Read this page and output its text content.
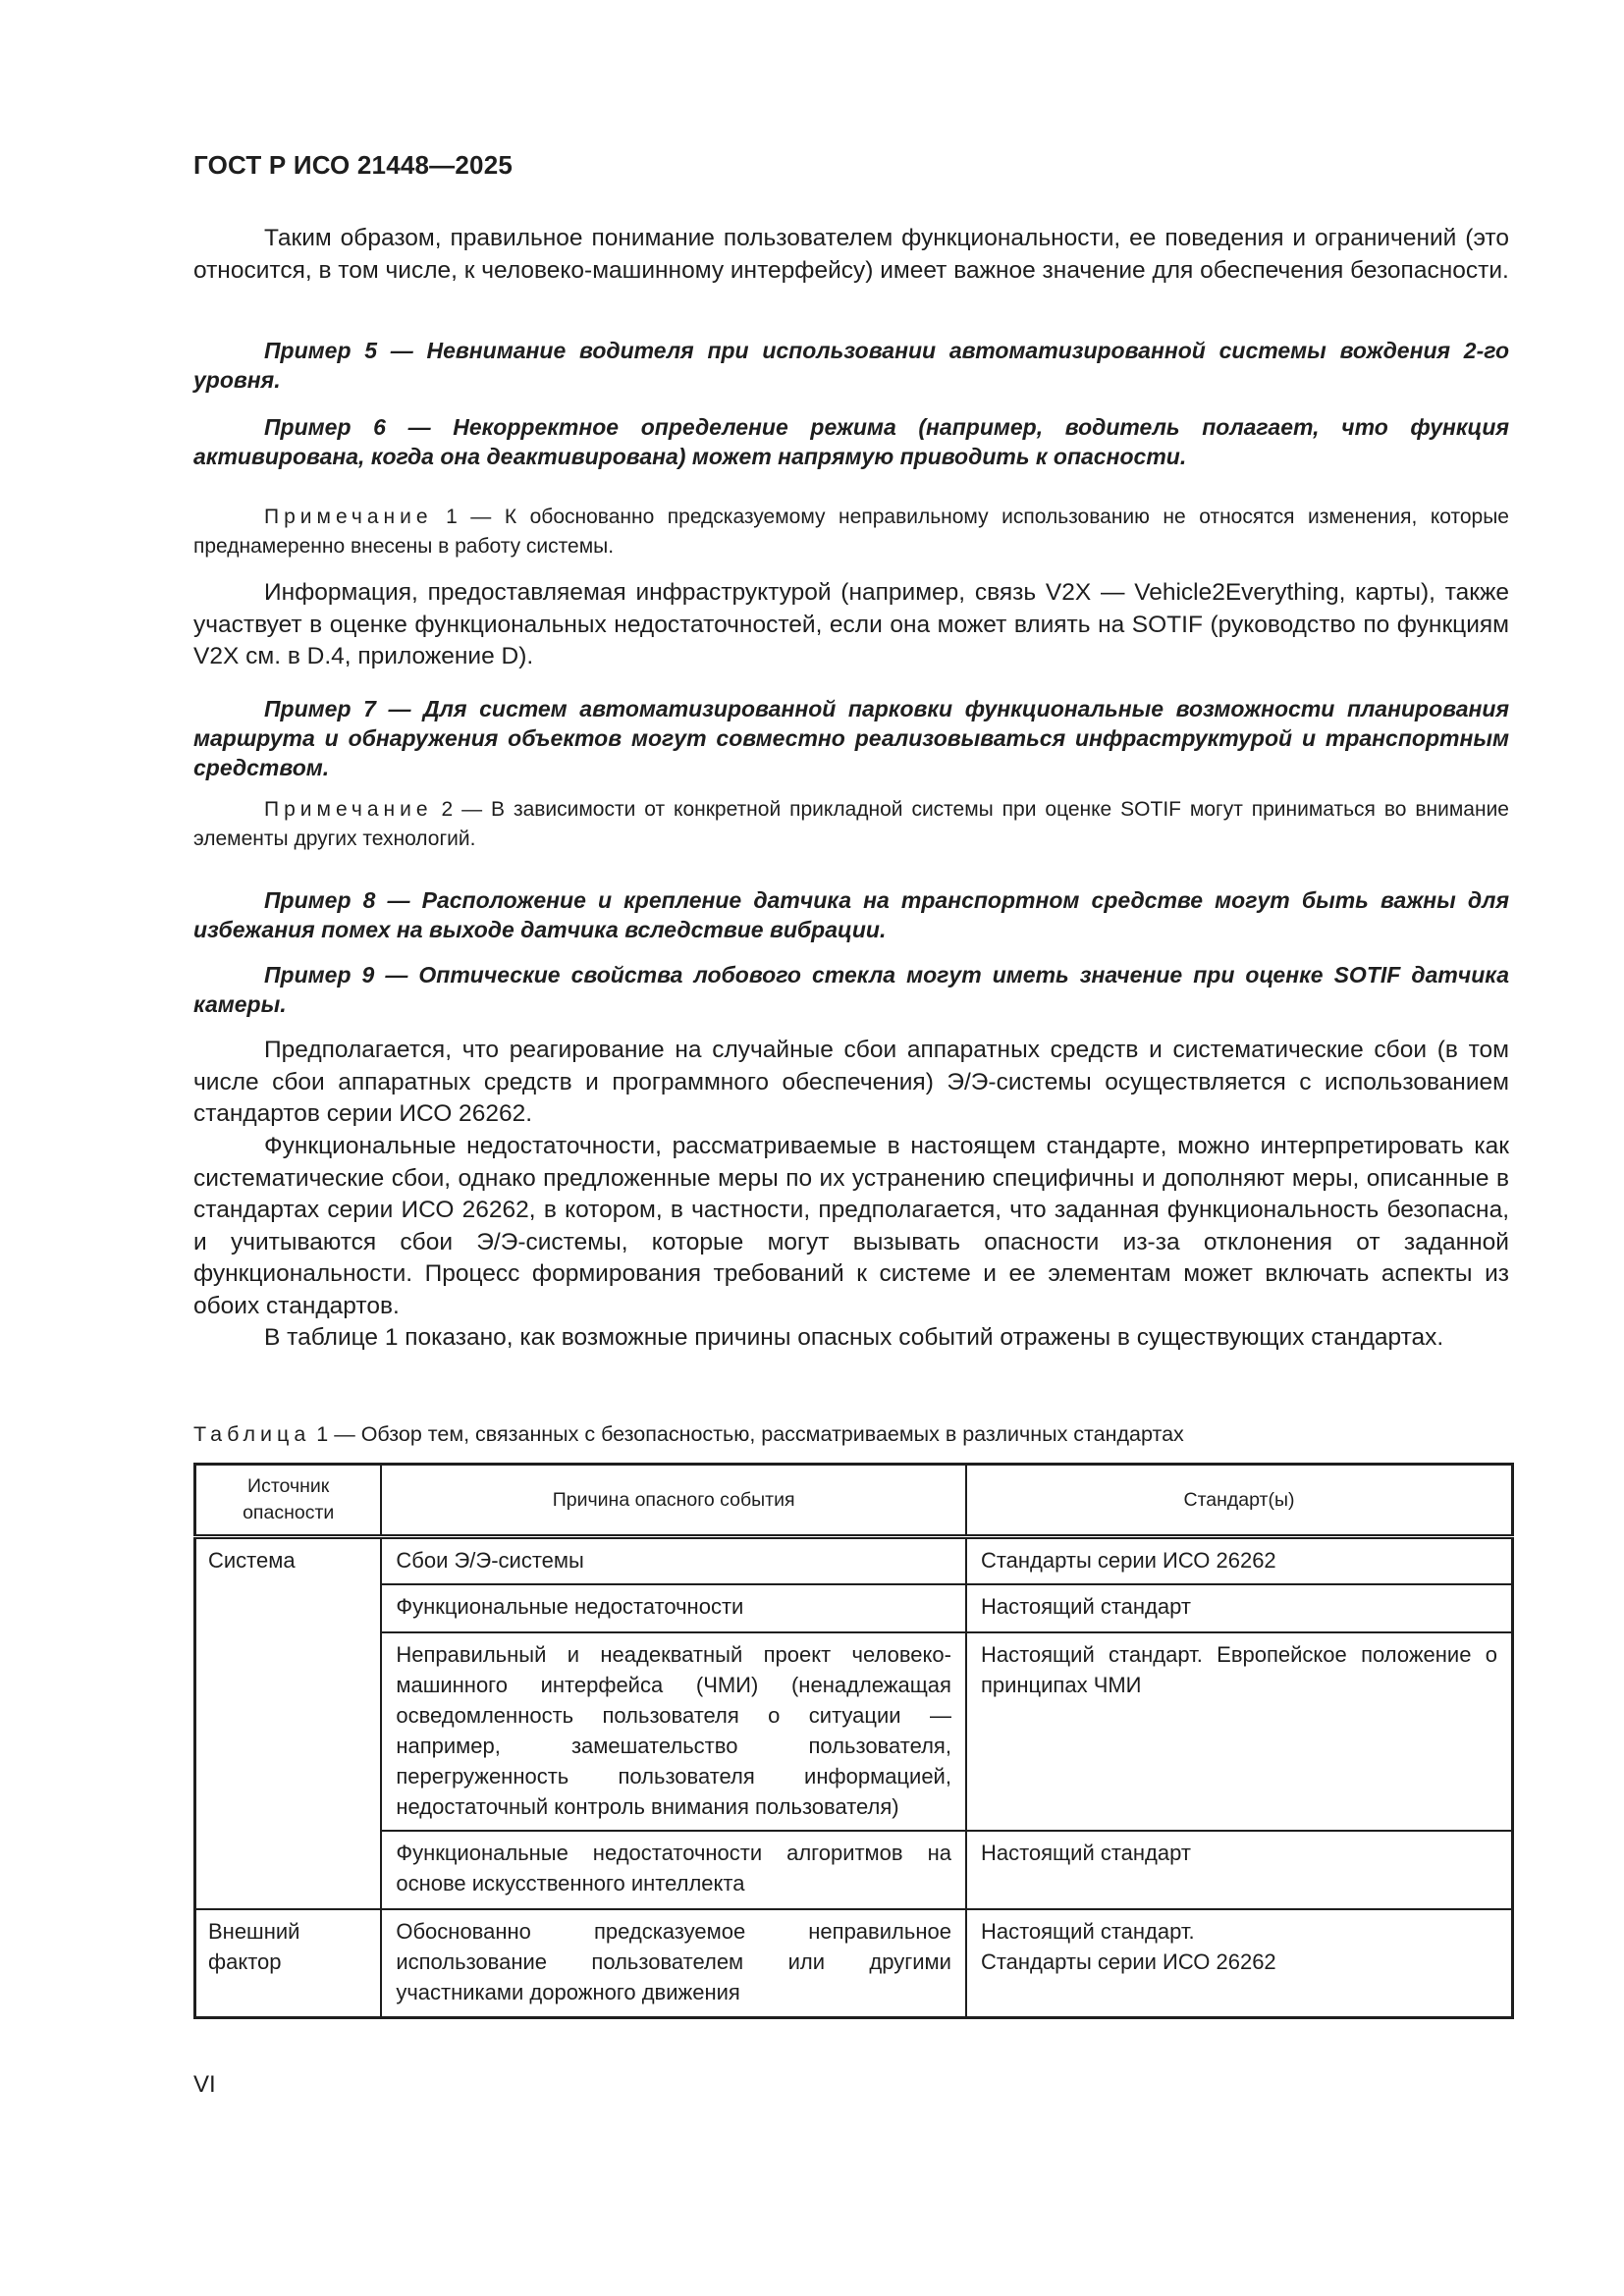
ГОСТ Р ИСО 21448—2025
Таким образом, правильное понимание пользователем функциональности, ее поведения и ограничений (это относится, в том числе, к человеко-машинному интерфейсу) имеет важное значение для обеспечения безопасности.
Пример 5 — Невнимание водителя при использовании автоматизированной системы вождения 2-го уровня.
Пример 6 — Некорректное определение режима (например, водитель полагает, что функция активирована, когда она деактивирована) может напрямую приводить к опасности.
Примечание 1 — К обоснованно предсказуемому неправильному использованию не относятся изменения, которые преднамеренно внесены в работу системы.
Информация, предоставляемая инфраструктурой (например, связь V2X — Vehicle2Everything, карты), также участвует в оценке функциональных недостаточностей, если она может влиять на SOTIF (руководство по функциям V2X см. в D.4, приложение D).
Пример 7 — Для систем автоматизированной парковки функциональные возможности планирования маршрута и обнаружения объектов могут совместно реализовываться инфраструктурой и транспортным средством.
Примечание 2 — В зависимости от конкретной прикладной системы при оценке SOTIF могут приниматься во внимание элементы других технологий.
Пример 8 — Расположение и крепление датчика на транспортном средстве могут быть важны для избежания помех на выходе датчика вследствие вибрации.
Пример 9 — Оптические свойства лобового стекла могут иметь значение при оценке SOTIF датчика камеры.
Предполагается, что реагирование на случайные сбои аппаратных средств и систематические сбои (в том числе сбои аппаратных средств и программного обеспечения) Э/Э-системы осуществляется с использованием стандартов серии ИСО 26262.
Функциональные недостаточности, рассматриваемые в настоящем стандарте, можно интерпретировать как систематические сбои, однако предложенные меры по их устранению специфичны и дополняют меры, описанные в стандартах серии ИСО 26262, в котором, в частности, предполагается, что заданная функциональность безопасна, и учитываются сбои Э/Э-системы, которые могут вызывать опасности из-за отклонения от заданной функциональности. Процесс формирования требований к системе и ее элементам может включать аспекты из обоих стандартов.
В таблице 1 показано, как возможные причины опасных событий отражены в существующих стандартах.
Таблица 1 — Обзор тем, связанных с безопасностью, рассматриваемых в различных стандартах
Источник опасности	Причина опасного события	Стандарт(ы)
Система	Сбои Э/Э-системы	Стандарты серии ИСО 26262
	Функциональные недостаточности	Настоящий стандарт
	Неправильный и неадекватный проект человеко-машинного интерфейса (ЧМИ) (ненадлежащая осведомленность пользователя о ситуации — например, замешательство пользователя, перегруженность пользователя информацией, недостаточный контроль внимания пользователя)	Настоящий стандарт. Европейское положение о принципах ЧМИ
	Функциональные недостаточности алгоритмов на основе искусственного интеллекта	Настоящий стандарт
Внешний фактор	Обоснованно предсказуемое неправильное использование пользователем или другими участниками дорожного движения	Настоящий стандарт.
Стандарты серии ИСО 26262
VI
